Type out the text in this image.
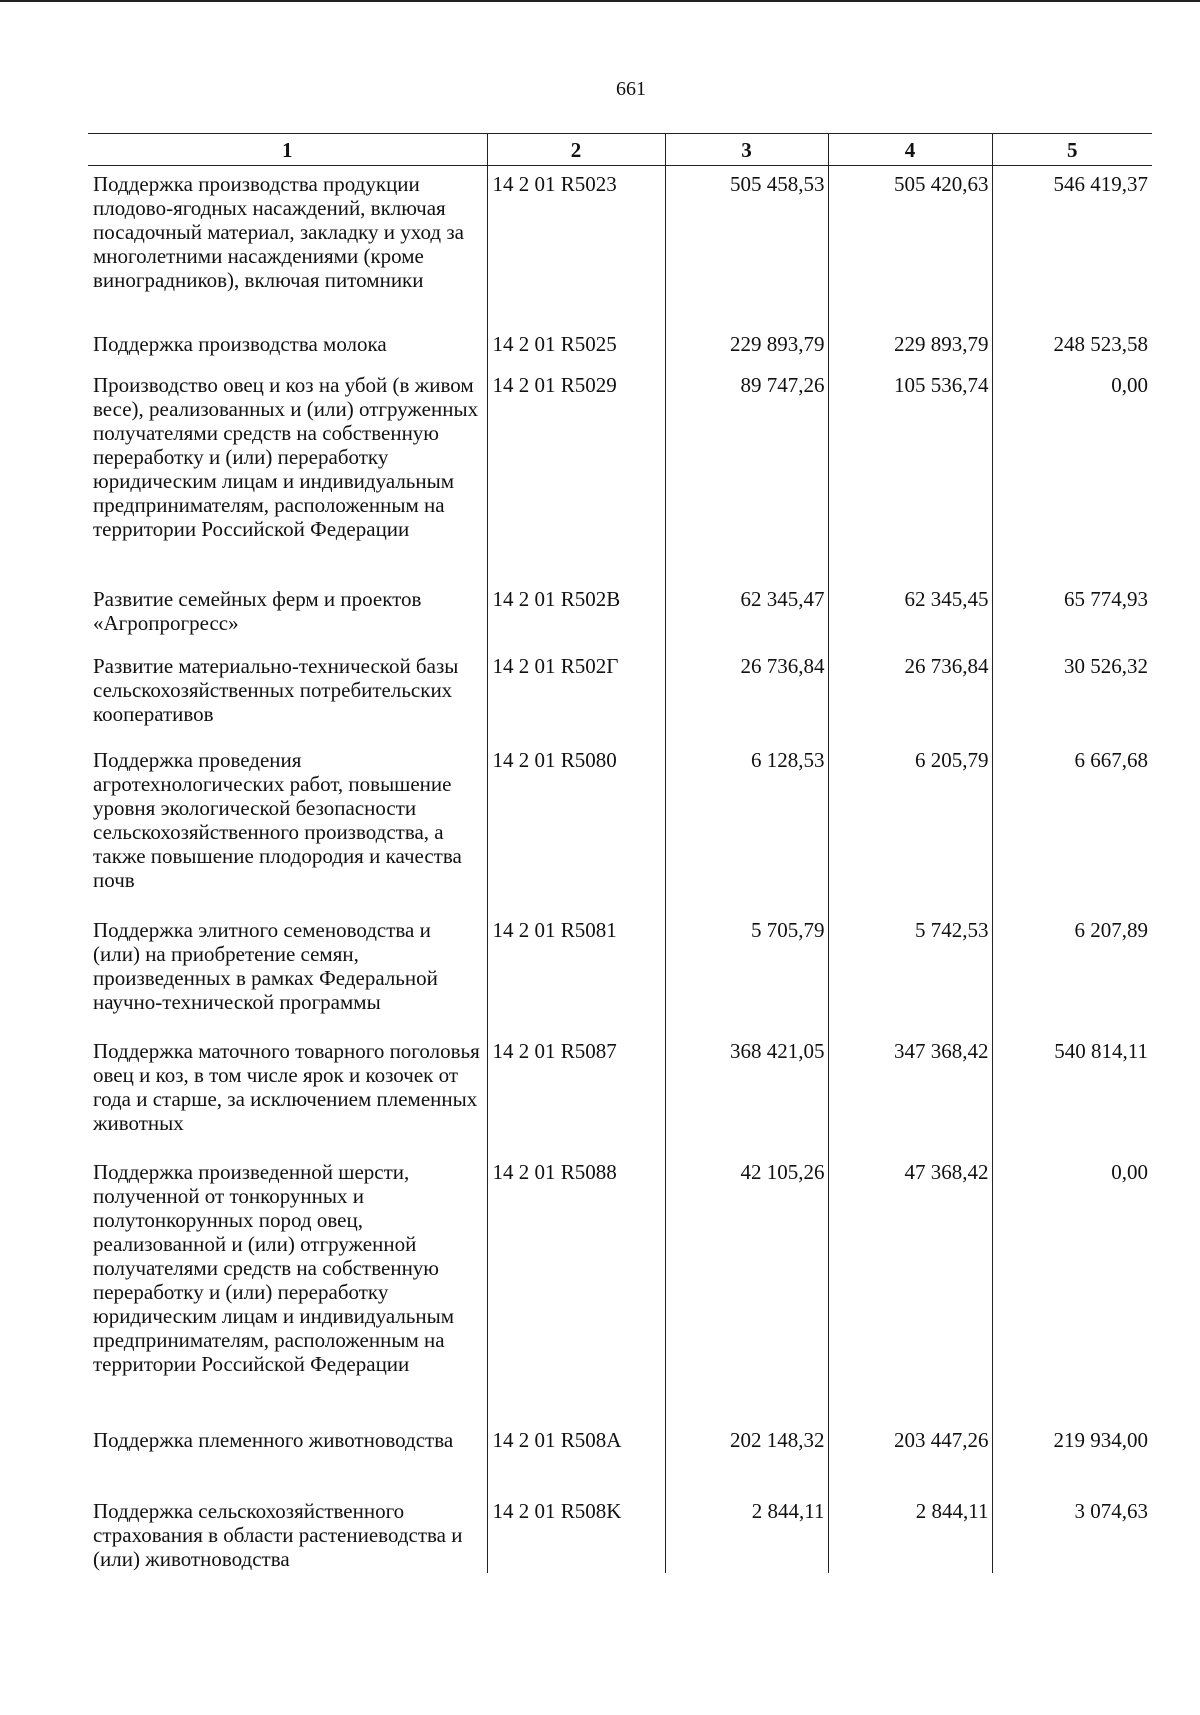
661
1	2	3	4	5
Поддержка производства продукции плодово-ягодных насаждений, включая посадочный материал, закладку и уход за многолетними насаждениями (кроме виноградников), включая питомники	14 2 01 R5023	505 458,53	505 420,63	546 419,37
Поддержка производства молока	14 2 01 R5025	229 893,79	229 893,79	248 523,58
Производство овец и коз на убой (в живом весе), реализованных и (или) отгруженных получателями средств на собственную переработку и (или) переработку юридическим лицам и индивидуальным предпринимателям, расположенным на территории Российской Федерации	14 2 01 R5029	89 747,26	105 536,74	0,00
Развитие семейных ферм и проектов «Агропрогресс»	14 2 01 R502B	62 345,47	62 345,45	65 774,93
Развитие материально-технической базы сельскохозяйственных потребительских кооперативов	14 2 01 R502Г	26 736,84	26 736,84	30 526,32
Поддержка проведения агротехнологических работ, повышение уровня экологической безопасности сельскохозяйственного производства, а также повышение плодородия и качества почв	14 2 01 R5080	6 128,53	6 205,79	6 667,68
Поддержка элитного семеноводства и (или) на приобретение семян, произведенных в рамках Федеральной научно-технической программы	14 2 01 R5081	5 705,79	5 742,53	6 207,89
Поддержка маточного товарного поголовья овец и коз, в том числе ярок и козочек от года и старше, за исключением племенных животных	14 2 01 R5087	368 421,05	347 368,42	540 814,11
Поддержка произведенной шерсти, полученной от тонкорунных и полутонкорунных пород овец, реализованной и (или) отгруженной получателями средств на собственную переработку и (или) переработку юридическим лицам и индивидуальным предпринимателям, расположенным на территории Российской Федерации	14 2 01 R5088	42 105,26	47 368,42	0,00
Поддержка племенного животноводства	14 2 01 R508A	202 148,32	203 447,26	219 934,00
Поддержка сельскохозяйственного страхования в области растениеводства и (или) животноводства	14 2 01 R508K	2 844,11	2 844,11	3 074,63
